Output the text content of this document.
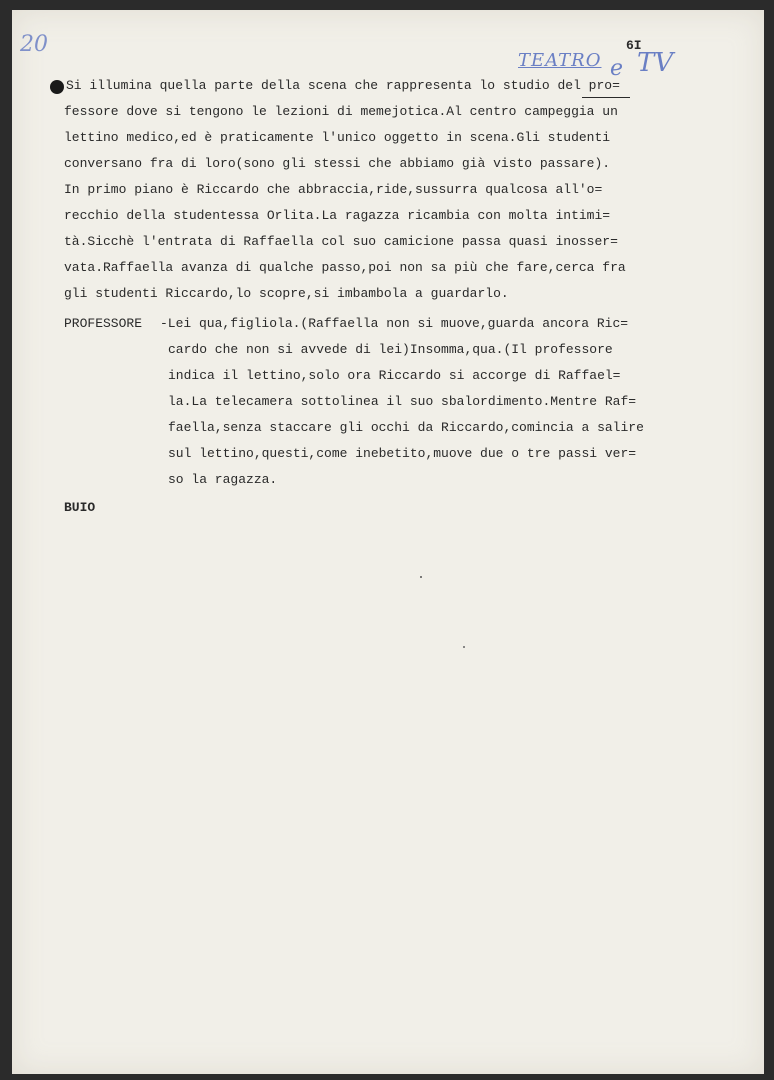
20
TEATRO e TV
6I

Si illumina quella parte della scena che rappresenta lo studio del pro=

fessore dove si tengono le lezioni di memejotica.Al centro campeggia un

lettino medico,ed è praticamente l'unico oggetto in scena.Gli studenti

conversano fra di loro(sono gli stessi che abbiamo già visto passare).

In primo piano è Riccardo che abbraccia,ride,sussurra qualcosa all'o=

recchio della studentessa Orlita.La ragazza ricambia con molta intimi=

tà.Sicchè l'entrata di Raffaella col suo camicione passa quasi inosser=

vata.Raffaella avanza di qualche passo,poi non sa più che fare,cerca fra

gli studenti Riccardo,lo scopre,si imbambola a guardarlo.

PROFESSORE

-Lei qua,figliola.(Raffaella non si muove,guarda ancora Ric=

cardo che non si avvede di lei)Insomma,qua.(Il professore

indica il lettino,solo ora Riccardo si accorge di Raffael=

la.La telecamera sottolinea il suo sbalordimento.Mentre Raf=

faella,senza staccare gli occhi da Riccardo,comincia a salire

sul lettino,questi,come inebetito,muove due o tre passi ver=

so la ragazza.

BUIO
